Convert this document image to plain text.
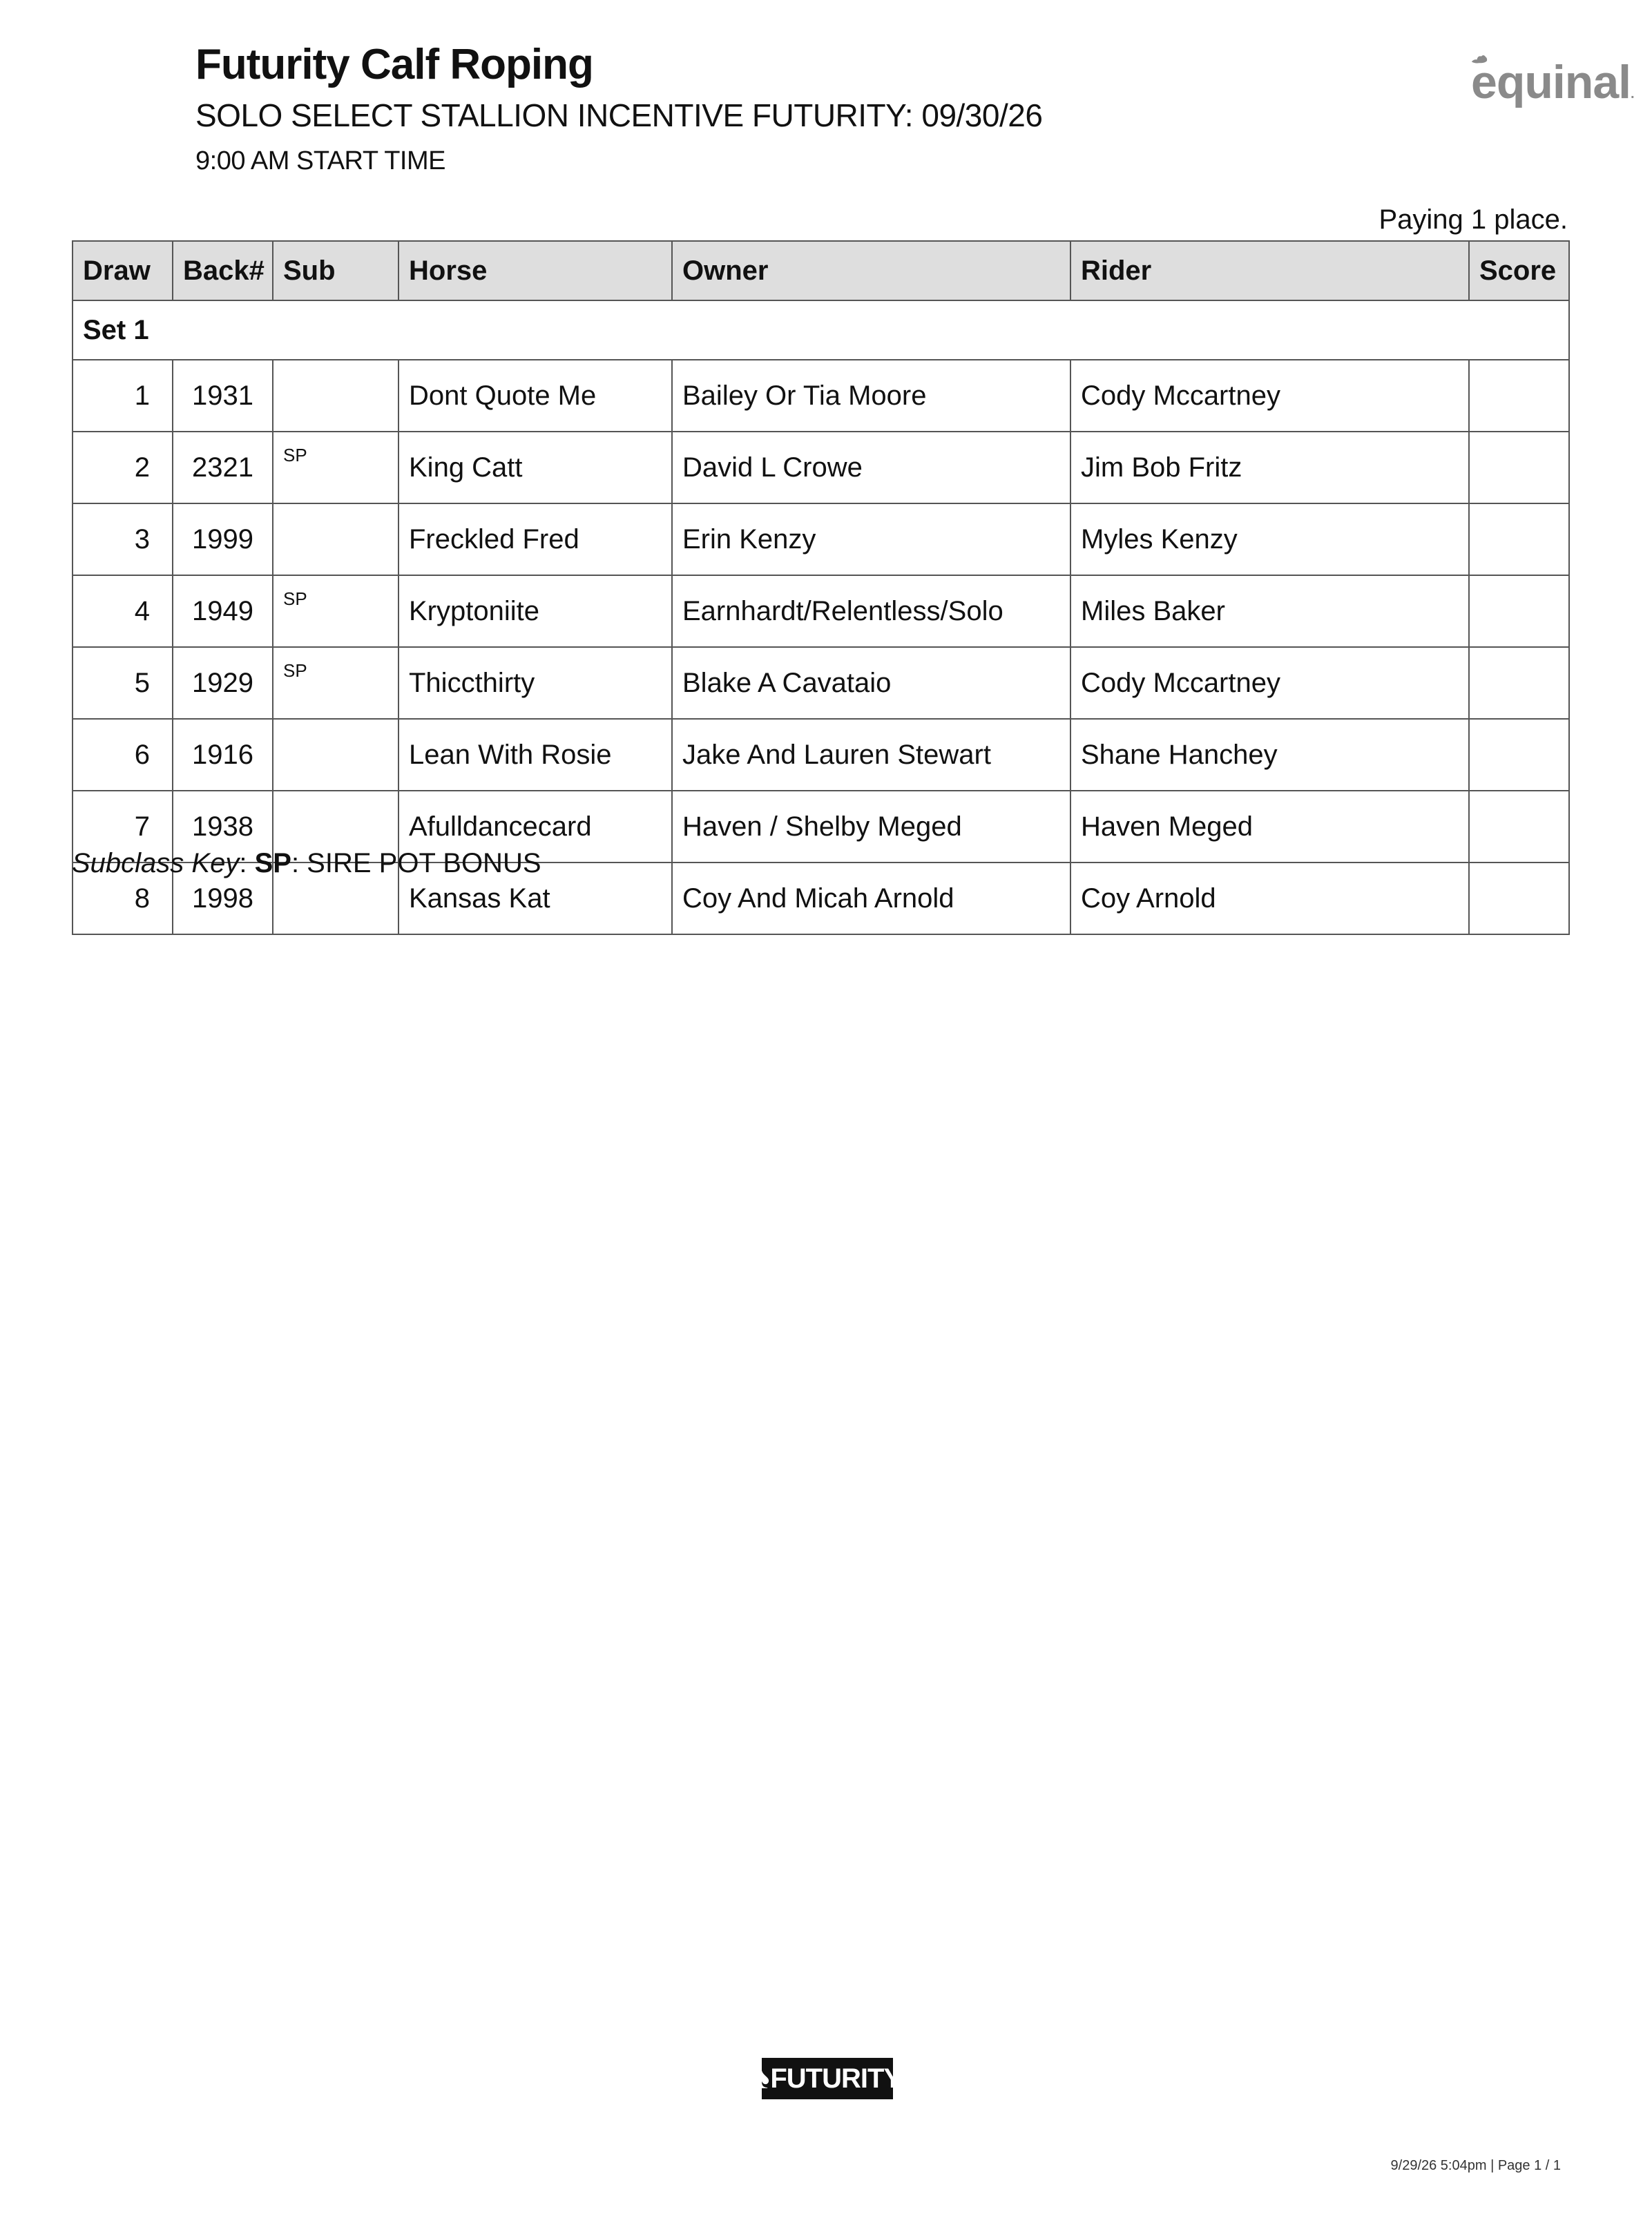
Futurity Calf Roping
SOLO SELECT STALLION INCENTIVE FUTURITY: 09/30/26
9:00 AM START TIME
equinal.
Paying 1 place.
Draw	Back#	Sub	Horse	Owner	Rider	Score
Set 1						
1	1931		Dont Quote Me	Bailey Or Tia Moore	Cody Mccartney	
2	2321	SP	King Catt	David L Crowe	Jim Bob Fritz	
3	1999		Freckled Fred	Erin Kenzy	Myles Kenzy	
4	1949	SP	Kryptoniite	Earnhardt/Relentless/Solo	Miles Baker	
5	1929	SP	Thiccthirty	Blake A Cavataio	Cody Mccartney	
6	1916		Lean With Rosie	Jake And Lauren Stewart	Shane Hanchey	
7	1938		Afulldancecard	Haven / Shelby Meged	Haven Meged	
8	1998		Kansas Kat	Coy And Micah Arnold	Coy Arnold	
Subclass Key: SP: SIRE POT BONUS
♠ FUTURITY
9/29/26 5:04pm | Page 1 / 1
